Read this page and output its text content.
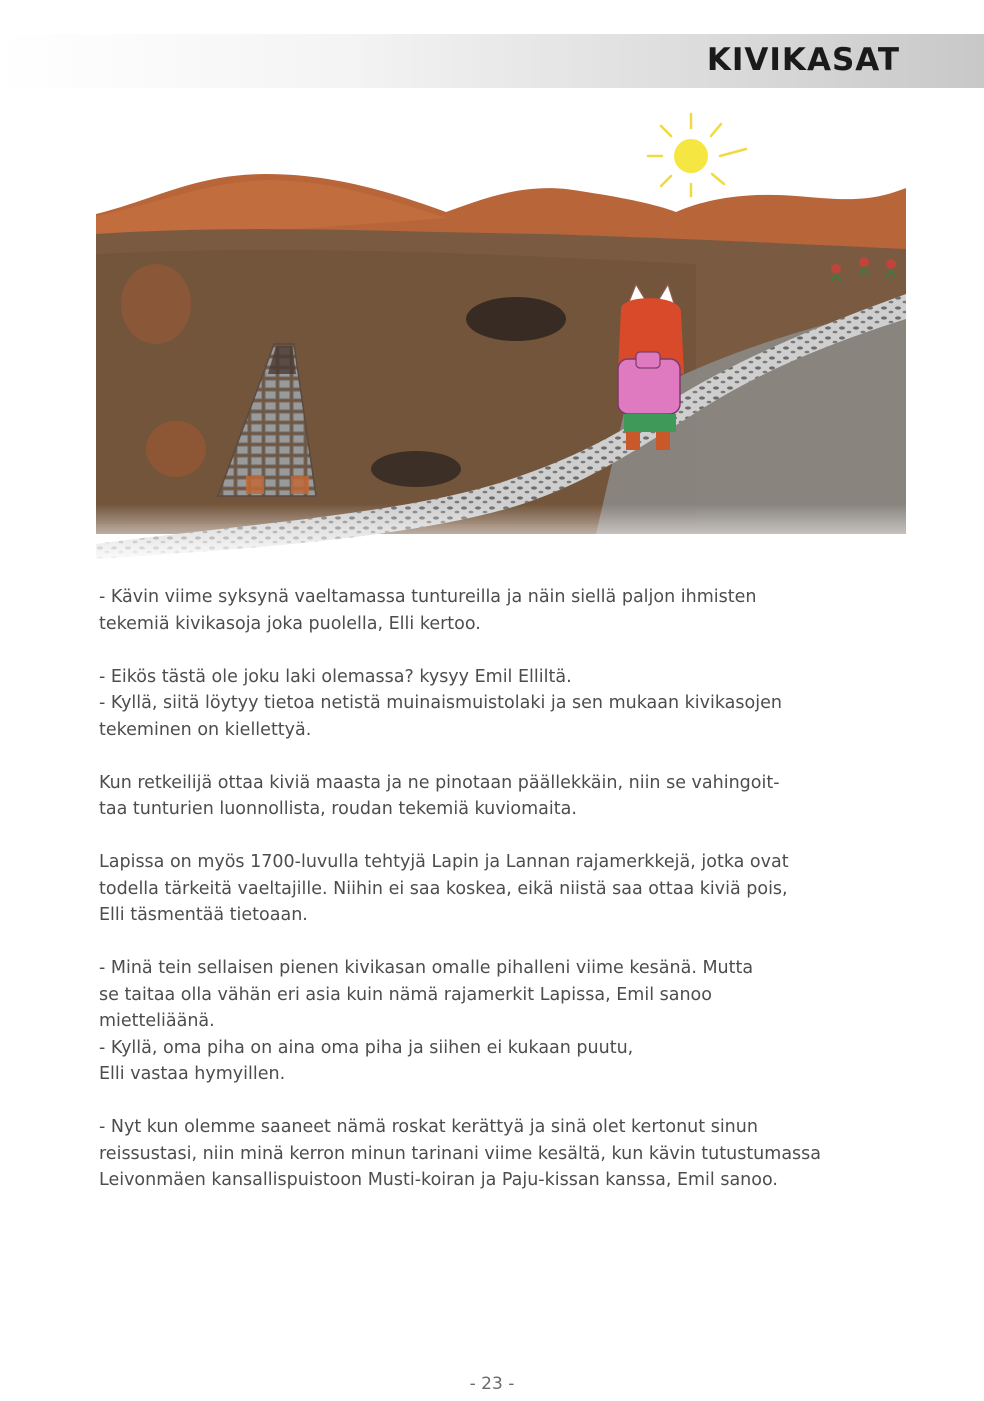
KIVIKASAT

- Kävin viime syksynä vaeltamassa tuntureilla ja näin siellä paljon ihmisten
tekemiä kivikasoja joka puolella, Elli kertoo.

- Eikös tästä ole joku laki olemassa? kysyy Emil Elliltä.
- Kyllä, siitä löytyy tietoa netistä muinaismuistolaki ja sen mukaan kivikasojen
tekeminen on kiellettyä.

Kun retkeilijä ottaa kiviä maasta ja ne pinotaan päällekkäin, niin se vahingoit-
taa tunturien luonnollista, roudan tekemiä kuviomaita.

Lapissa on myös 1700-luvulla tehtyjä Lapin ja Lannan rajamerkkejä, jotka ovat
todella tärkeitä vaeltajille. Niihin ei saa koskea, eikä niistä saa ottaa kiviä pois,
Elli täsmentää tietoaan.

- Minä tein sellaisen pienen kivikasan omalle pihalleni viime kesänä. Mutta
se taitaa olla vähän eri asia kuin nämä rajamerkit Lapissa, Emil sanoo
mietteliäänä.
- Kyllä, oma piha on aina oma piha ja siihen ei kukaan puutu,
Elli vastaa hymyillen.

- Nyt kun olemme saaneet nämä roskat kerättyä ja sinä olet kertonut sinun
reissustasi, niin minä kerron minun tarinani viime kesältä, kun kävin tutustumassa
Leivonmäen kansallispuistoon Musti-koiran ja Paju-kissan kanssa, Emil sanoo.

- 23 -
